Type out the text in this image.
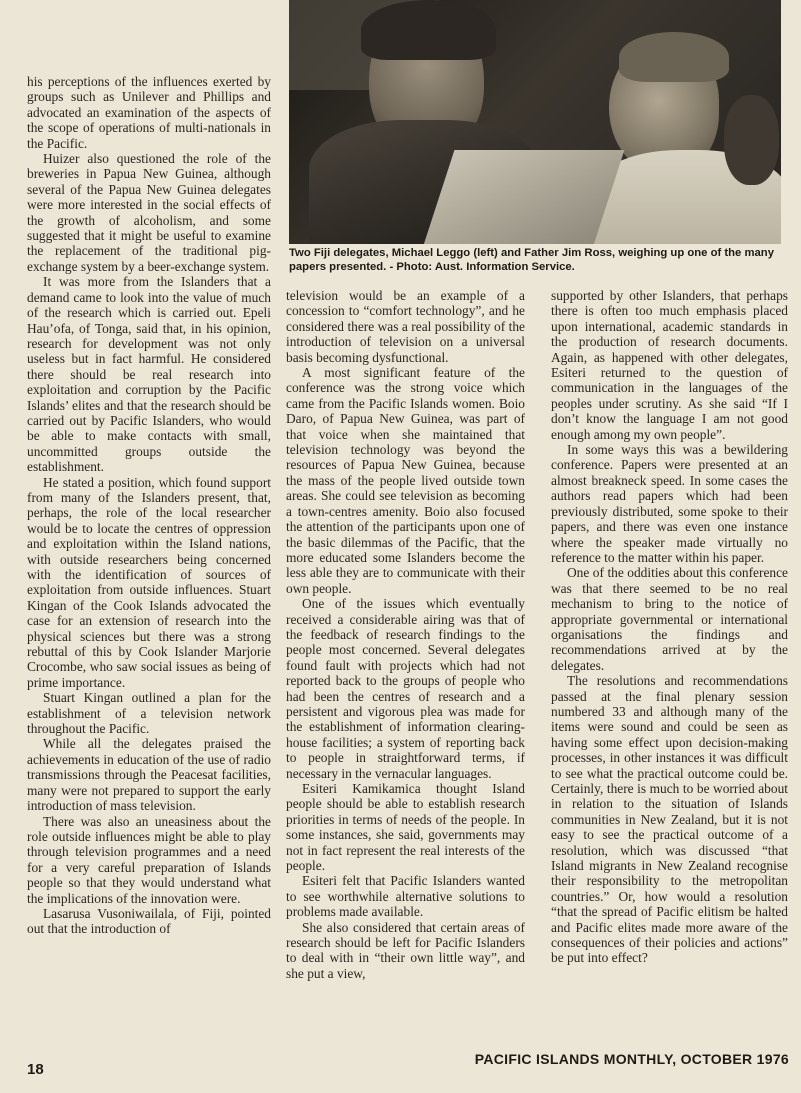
Two Fiji delegates, Michael Leggo (left) and Father Jim Ross, weighing up one of the many papers presented. - Photo: Aust. Information Service.

his perceptions of the influences exerted by groups such as Unilever and Phillips and advocated an examination of the aspects of the scope of operations of multi-nationals in the Pacific.

Huizer also questioned the role of the breweries in Papua New Guinea, although several of the Papua New Guinea delegates were more interested in the social effects of the growth of alcoholism, and some suggested that it might be useful to examine the replacement of the traditional pig-exchange system by a beer-exchange system.

It was more from the Islanders that a demand came to look into the value of much of the research which is carried out. Epeli Hau’ofa, of Tonga, said that, in his opinion, research for development was not only useless but in fact harmful. He considered there should be real research into exploitation and corruption by the Pacific Islands’ elites and that the research should be carried out by Pacific Islanders, who would be able to make contacts with small, uncommitted groups outside the establishment.

He stated a position, which found support from many of the Islanders present, that, perhaps, the role of the local researcher would be to locate the centres of oppression and exploitation within the Island nations, with outside researchers being concerned with the identification of sources of exploitation from outside influences. Stuart Kingan of the Cook Islands advocated the case for an extension of research into the physical sciences but there was a strong rebuttal of this by Cook Islander Marjorie Crocombe, who saw social issues as being of prime importance.

Stuart Kingan outlined a plan for the establishment of a television network throughout the Pacific.

While all the delegates praised the achievements in education of the use of radio transmissions through the Peacesat facilities, many were not prepared to support the early introduction of mass television.

There was also an uneasiness about the role outside influences might be able to play through television programmes and a need for a very careful preparation of Islands people so that they would understand what the implications of the innovation were.

Lasarusa Vusoniwailala, of Fiji, pointed out that the introduction of

television would be an example of a concession to “comfort technology”, and he considered there was a real possibility of the introduction of television on a universal basis becoming dysfunctional.

A most significant feature of the conference was the strong voice which came from the Pacific Islands women. Boio Daro, of Papua New Guinea, was part of that voice when she maintained that television technology was beyond the resources of Papua New Guinea, because the mass of the people lived outside town areas. She could see television as becoming a town-centres amenity. Boio also focused the attention of the participants upon one of the basic dilemmas of the Pacific, that the more educated some Islanders become the less able they are to communicate with their own people.

One of the issues which eventually received a considerable airing was that of the feedback of research findings to the people most concerned. Several delegates found fault with projects which had not reported back to the groups of people who had been the centres of research and a persistent and vigorous plea was made for the establishment of information clearing-house facilities; a system of reporting back to people in straightforward terms, if necessary in the vernacular languages.

Esiteri Kamikamica thought Island people should be able to establish research priorities in terms of needs of the people. In some instances, she said, governments may not in fact represent the real interests of the people.

Esiteri felt that Pacific Islanders wanted to see worthwhile alternative solutions to problems made available.

She also considered that certain areas of research should be left for Pacific Islanders to deal with in “their own little way”, and she put a view,

supported by other Islanders, that perhaps there is often too much emphasis placed upon international, academic standards in the production of research documents. Again, as happened with other delegates, Esiteri returned to the question of communication in the languages of the peoples under scrutiny. As she said “If I don’t know the language I am not good enough among my own people”.

In some ways this was a bewildering conference. Papers were presented at an almost breakneck speed. In some cases the authors read papers which had been previously distributed, some spoke to their papers, and there was even one instance where the speaker made virtually no reference to the matter within his paper.

One of the oddities about this conference was that there seemed to be no real mechanism to bring to the notice of appropriate governmental or international organisations the findings and recommendations arrived at by the delegates.

The resolutions and recommendations passed at the final plenary session numbered 33 and although many of the items were sound and could be seen as having some effect upon decision-making processes, in other instances it was difficult to see what the practical outcome could be. Certainly, there is much to be worried about in relation to the situation of Islands communities in New Zealand, but it is not easy to see the practical outcome of a resolution, which was discussed “that Island migrants in New Zealand recognise their responsibility to the metropolitan countries.” Or, how would a resolution “that the spread of Pacific elitism be halted and Pacific elites made more aware of the consequences of their policies and actions” be put into effect?

18
PACIFIC ISLANDS MONTHLY, OCTOBER 1976
